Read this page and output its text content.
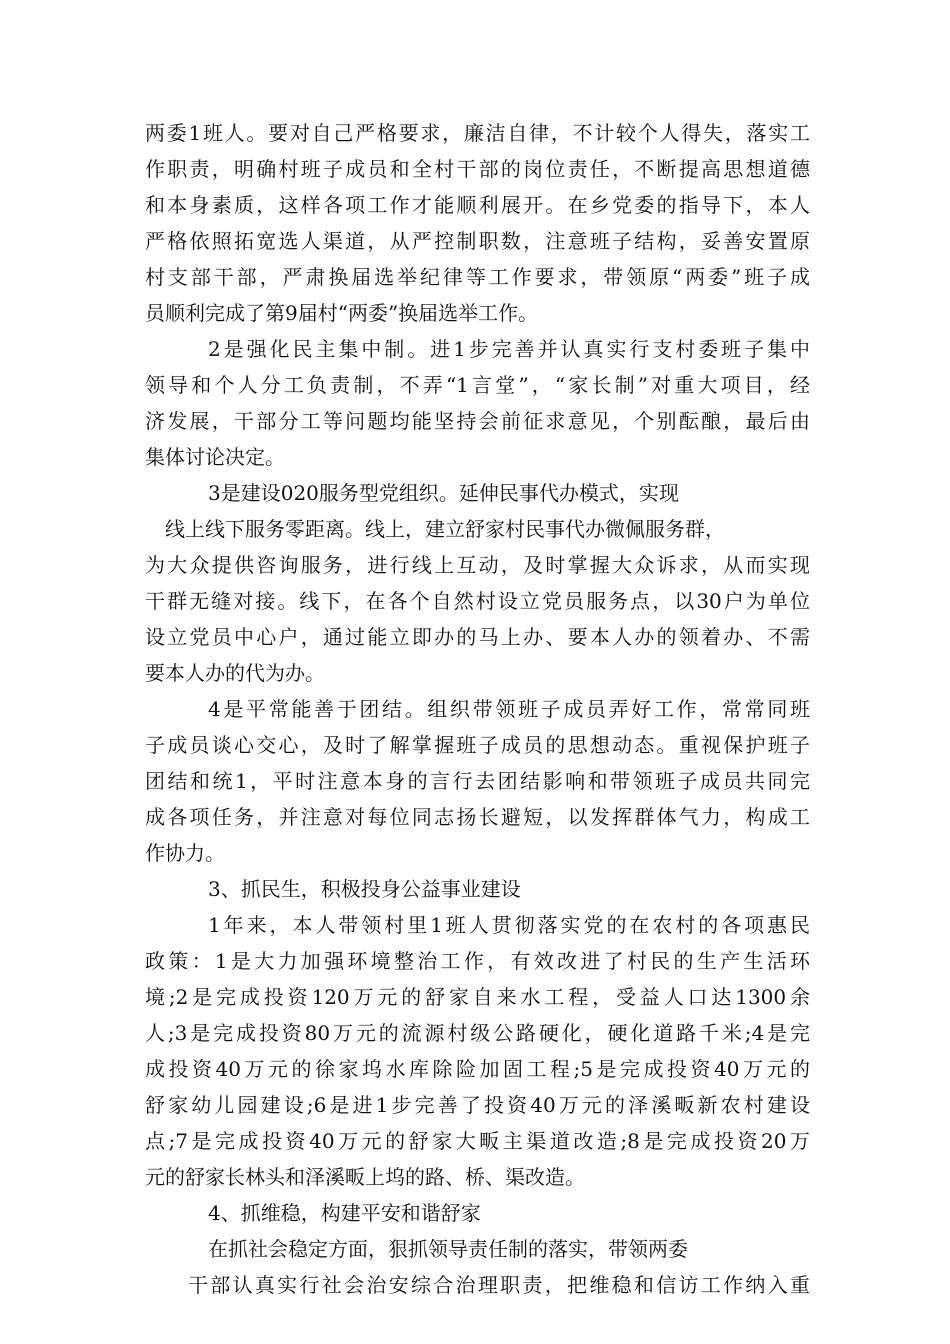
两委1班人。要对自己严格要求，廉洁自律，不计较个人得失，落实工

作职责，明确村班子成员和全村干部的岗位责任，不断提高思想道德

和本身素质，这样各项工作才能顺利展开。在乡党委的指导下，本人

严格依照拓宽选人渠道，从严控制职数，注意班子结构，妥善安置原

村支部干部，严肃换届选举纪律等工作要求，带领原“两委”班子成

员顺利完成了第9届村“两委”换届选举工作。

2是强化民主集中制。进1步完善并认真实行支村委班子集中

领导和个人分工负责制，不弄“1言堂”，“家长制”对重大项目，经

济发展，干部分工等问题均能坚持会前征求意见，个别酝酿，最后由

集体讨论决定。

3是建设020服务型党组织。延伸民事代办模式，实现

线上线下服务零距离。线上，建立舒家村民事代办微佩服务群，

为大众提供咨询服务，进行线上互动，及时掌握大众诉求，从而实现

干群无缝对接。线下，在各个自然村设立党员服务点，以30户为单位

设立党员中心户，通过能立即办的马上办、要本人办的领着办、不需

要本人办的代为办。

4是平常能善于团结。组织带领班子成员弄好工作，常常同班

子成员谈心交心，及时了解掌握班子成员的思想动态。重视保护班子

团结和统1，平时注意本身的言行去团结影响和带领班子成员共同完

成各项任务，并注意对每位同志扬长避短，以发挥群体气力，构成工

作协力。

3、抓民生，积极投身公益事业建设

1年来，本人带领村里1班人贯彻落实党的在农村的各项惠民

政策：1是大力加强环境整治工作，有效改进了村民的生产生活环

境;2是完成投资120万元的舒家自来水工程，受益人口达1300余

人;3是完成投资80万元的流源村级公路硬化，硬化道路千米;4是完

成投资40万元的徐家坞水库除险加固工程;5是完成投资40万元的

舒家幼儿园建设;6是进1步完善了投资40万元的泽溪畈新农村建设

点;7是完成投资40万元的舒家大畈主渠道改造;8是完成投资20万

元的舒家长林头和泽溪畈上坞的路、桥、渠改造。

4、抓维稳，构建平安和谐舒家

在抓社会稳定方面，狠抓领导责任制的落实，带领两委

干部认真实行社会治安综合治理职责，把维稳和信访工作纳入重
